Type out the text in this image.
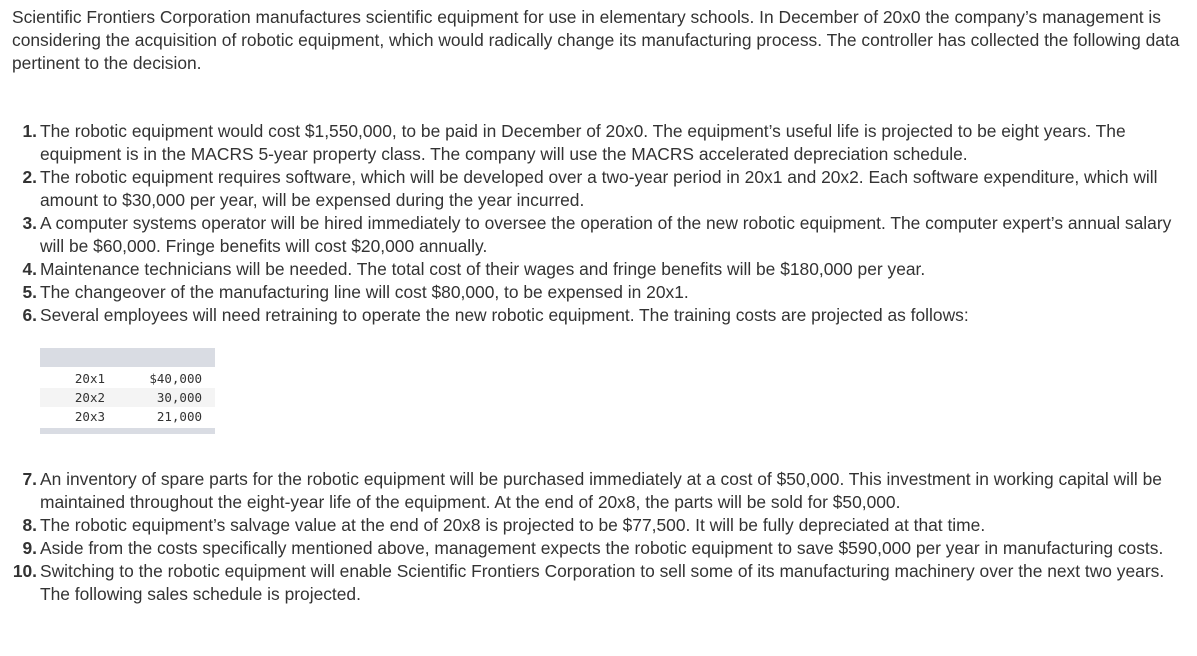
Scientific Frontiers Corporation manufactures scientific equipment for use in elementary schools. In December of 20x0 the company’s management is considering the acquisition of robotic equipment, which would radically change its manufacturing process. The controller has collected the following data pertinent to the decision.

1. The robotic equipment would cost $1,550,000, to be paid in December of 20x0. The equipment’s useful life is projected to be eight years. The equipment is in the MACRS 5-year property class. The company will use the MACRS accelerated depreciation schedule.
2. The robotic equipment requires software, which will be developed over a two-year period in 20x1 and 20x2. Each software expenditure, which will amount to $30,000 per year, will be expensed during the year incurred.
3. A computer systems operator will be hired immediately to oversee the operation of the new robotic equipment. The computer expert’s annual salary will be $60,000. Fringe benefits will cost $20,000 annually.
4. Maintenance technicians will be needed. The total cost of their wages and fringe benefits will be $180,000 per year.
5. The changeover of the manufacturing line will cost $80,000, to be expensed in 20x1.
6. Several employees will need retraining to operate the new robotic equipment. The training costs are projected as follows:
20x1	$40,000
20x2	30,000
20x3	21,000
7. An inventory of spare parts for the robotic equipment will be purchased immediately at a cost of $50,000. This investment in working capital will be maintained throughout the eight-year life of the equipment. At the end of 20x8, the parts will be sold for $50,000.
8. The robotic equipment’s salvage value at the end of 20x8 is projected to be $77,500. It will be fully depreciated at that time.
9. Aside from the costs specifically mentioned above, management expects the robotic equipment to save $590,000 per year in manufacturing costs.
10. Switching to the robotic equipment will enable Scientific Frontiers Corporation to sell some of its manufacturing machinery over the next two years. The following sales schedule is projected.
